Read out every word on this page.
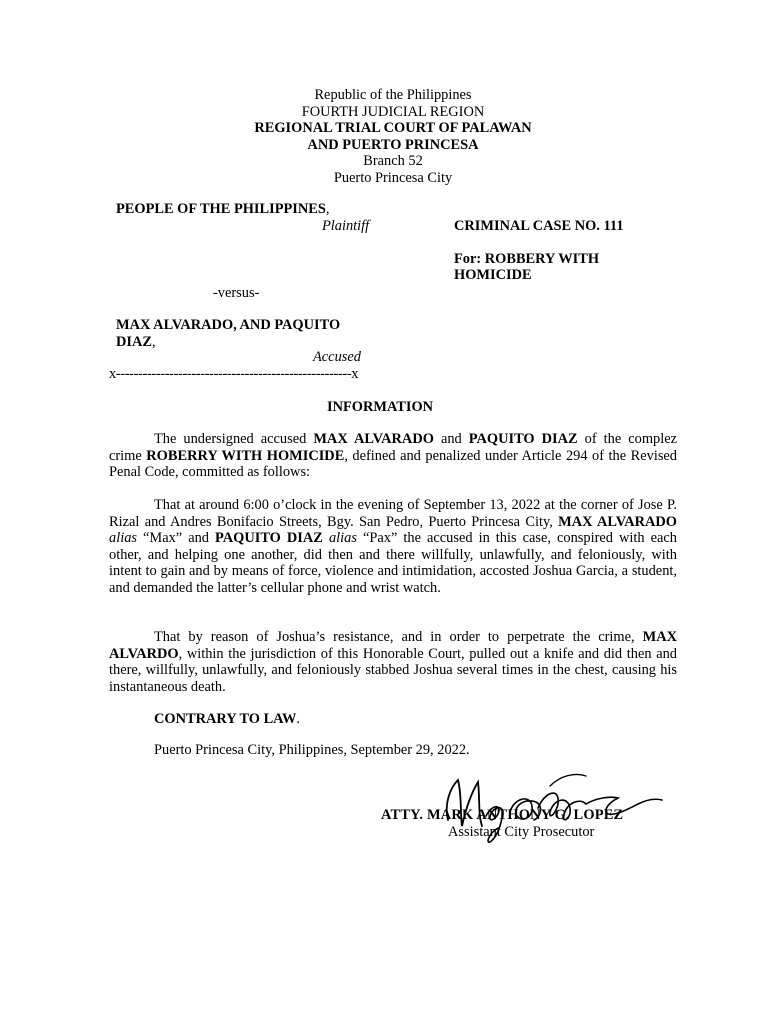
Republic of the Philippines
FOURTH JUDICIAL REGION
REGIONAL TRIAL COURT OF PALAWAN
AND PUERTO PRINCESA
Branch 52
Puerto Princesa City
PEOPLE OF THE PHILIPPINES,
Plaintiff	CRIMINAL CASE NO. 111
For: ROBBERY WITH
HOMICIDE
-versus-
MAX ALVARADO, AND PAQUITO
DIAZ,
Accused
x-----------------------------------------------------x
INFORMATION
The undersigned accused MAX ALVARADO and PAQUITO DIAZ of the complez crime ROBERRY WITH HOMICIDE, defined and penalized under Article 294 of the Revised Penal Code, committed as follows:
That at around 6:00 o’clock in the evening of September 13, 2022 at the corner of Jose P. Rizal and Andres Bonifacio Streets, Bgy. San Pedro, Puerto Princesa City, MAX ALVARADO alias “Max” and PAQUITO DIAZ alias “Pax” the accused in this case, conspired with each other, and helping one another, did then and there willfully, unlawfully, and feloniously, with intent to gain and by means of force, violence and intimidation, accosted Joshua Garcia, a student, and demanded the latter’s cellular phone and wrist watch.
That by reason of Joshua’s resistance, and in order to perpetrate the crime, MAX ALVARDO, within the jurisdiction of this Honorable Court, pulled out a knife and did then and there, willfully, unlawfully, and feloniously stabbed Joshua several times in the chest, causing his instantaneous death.
CONTRARY TO LAW.
Puerto Princesa City, Philippines, September 29, 2022.
ATTY. MARK ANTHONY G. LOPEZ
Assistant City Prosecutor
